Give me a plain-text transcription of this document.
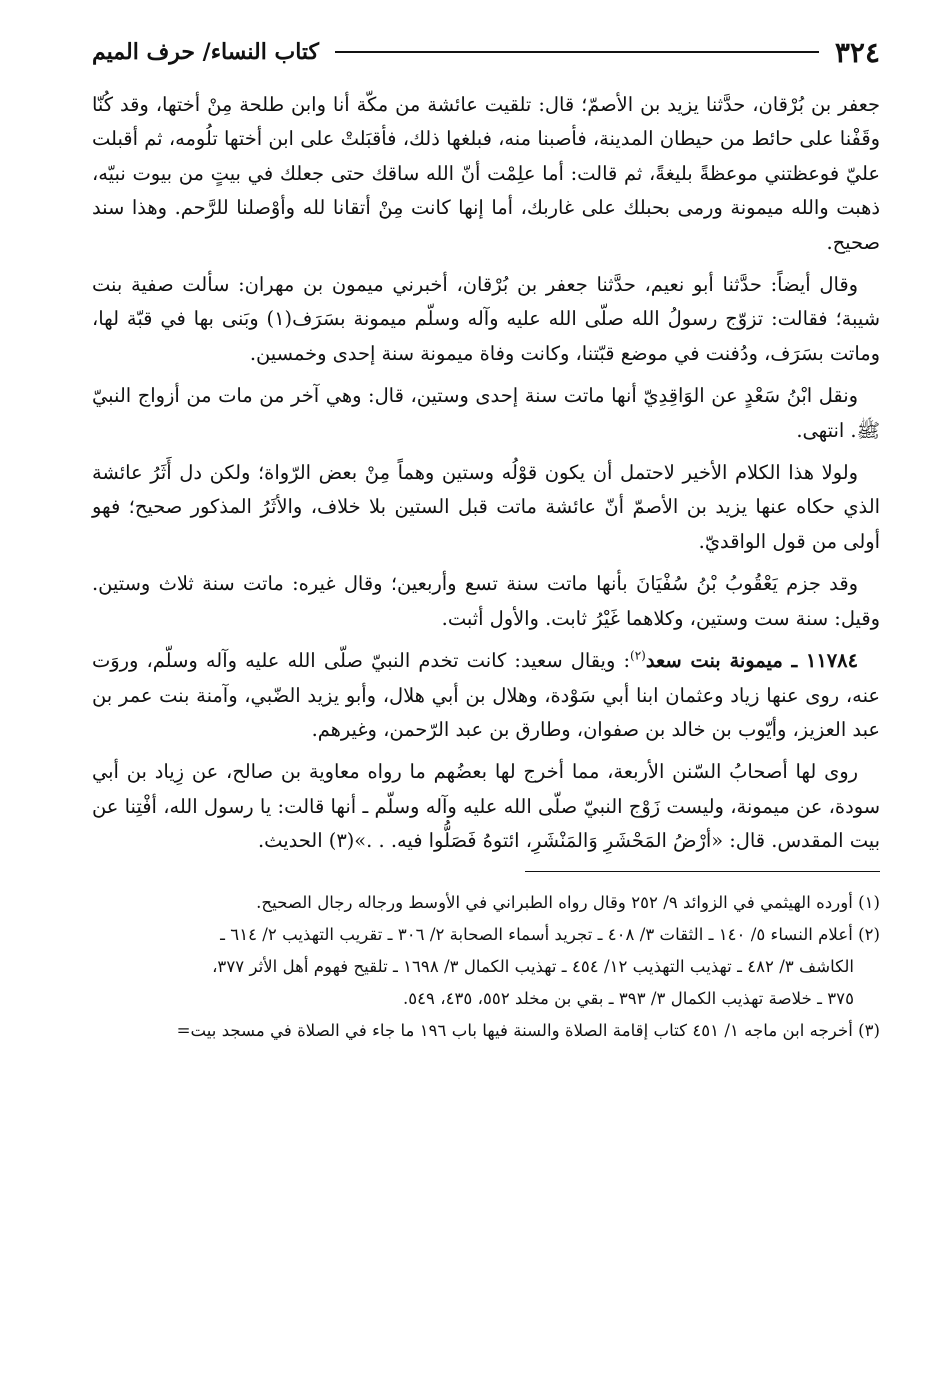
٣٢٤
كتاب النساء/ حرف الميم

جعفر بن بُرْقان، حدَّثنا يزيد بن الأصمّ؛ قال: تلقيت عائشة من مكّة أنا وابن طلحة مِنْ أختها، وقد كُنّا وقَفْنا على حائط من حيطان المدينة، فأصبنا منه، فبلغها ذلك، فأقبَلتْ على ابن أختها تلُومه، ثم أقبلت عليّ فوعظتني موعظةً بليغةً، ثم قالت: أما علِمْت أنّ الله ساقك حتى جعلك في بيتٍ من بيوت نبيّه، ذهبت والله ميمونة ورمى بحبلك على غاربك، أما إنها كانت مِنْ أتقانا لله وأوْصلنا للرَّحم. وهذا سند صحيح.

وقال أيضاً: حدَّثنا أبو نعيم، حدَّثنا جعفر بن بُرْقان، أخبرني ميمون بن مهران: سألت صفية بنت شيبة؛ فقالت: تزوّج رسولُ الله صلّى الله عليه وآله وسلّم ميمونة بسَرَف(١) وبَنى بها في قبّة لها، وماتت بسَرَف، ودُفنت في موضع قبّتنا، وكانت وفاة ميمونة سنة إحدى وخمسين.

ونقل ابْنُ سَعْدٍ عن الوَاقِدِيّ أنها ماتت سنة إحدى وستين، قال: وهي آخر من مات من أزواج النبيّ ﷺ. انتهى.

ولولا هذا الكلام الأخير لاحتمل أن يكون قوْلُه وستين وهماً مِنْ بعض الرّواة؛ ولكن دل أَثَرُ عائشة الذي حكاه عنها يزيد بن الأصمّ أنّ عائشة ماتت قبل الستين بلا خلاف، والأثَرُ المذكور صحيح؛ فهو أولى من قول الواقديّ.

وقد جزم يَعْقُوبُ بْنُ سُفْيَانَ بأنها ماتت سنة تسع وأربعين؛ وقال غيره: ماتت سنة ثلاث وستين. وقيل: سنة ست وستين، وكلاهما غَيْرُ ثابت. والأول أثبت.

١١٧٨٤ ـ ميمونة بنت سعد$^{(٢)}$: ويقال سعيد: كانت تخدم النبيّ صلّى الله عليه وآله وسلّم، وروَت عنه، روى عنها زياد وعثمان ابنا أبي سَوْدة، وهلال بن أبي هلال، وأبو يزيد الضّبي، وآمنة بنت عمر بن عبد العزيز، وأيّوب بن خالد بن صفوان، وطارق بن عبد الرّحمن، وغيرهم.

روى لها أصحابُ السّنن الأربعة، مما أخرج لها بعضُهم ما رواه معاوية بن صالح، عن زِياد بن أبي سودة، عن ميمونة، وليست زَوْج النبيّ صلّى الله عليه وآله وسلّم ـ أنها قالت: يا رسول الله، أفْتِنا عن بيت المقدس. قال: «أرْضُ المَحْشَرِ وَالمَنْشَرِ، ائتوهُ فَصَلُّوا فيه. . .»(٣) الحديث.

(١) أورده الهيثمي في الزوائد ٩/ ٢٥٢ وقال رواه الطبراني في الأوسط ورجاله رجال الصحيح.

(٢) أعلام النساء ٥/ ١٤٠ ـ الثقات ٣/ ٤٠٨ ـ تجريد أسماء الصحابة ٢/ ٣٠٦ ـ تقريب التهذيب ٢/ ٦١٤ ـ

الكاشف ٣/ ٤٨٢ ـ تهذيب التهذيب ١٢/ ٤٥٤ ـ تهذيب الكمال ٣/ ١٦٩٨ ـ تلقيح فهوم أهل الأثر ٣٧٧،

٣٧٥ ـ خلاصة تهذيب الكمال ٣/ ٣٩٣ ـ بقي بن مخلد ٥٥٢، ٤٣٥، ٥٤٩.

(٣) أخرجه ابن ماجه ١/ ٤٥١ كتاب إقامة الصلاة والسنة فيها باب ١٩٦ ما جاء في الصلاة في مسجد بيت=
